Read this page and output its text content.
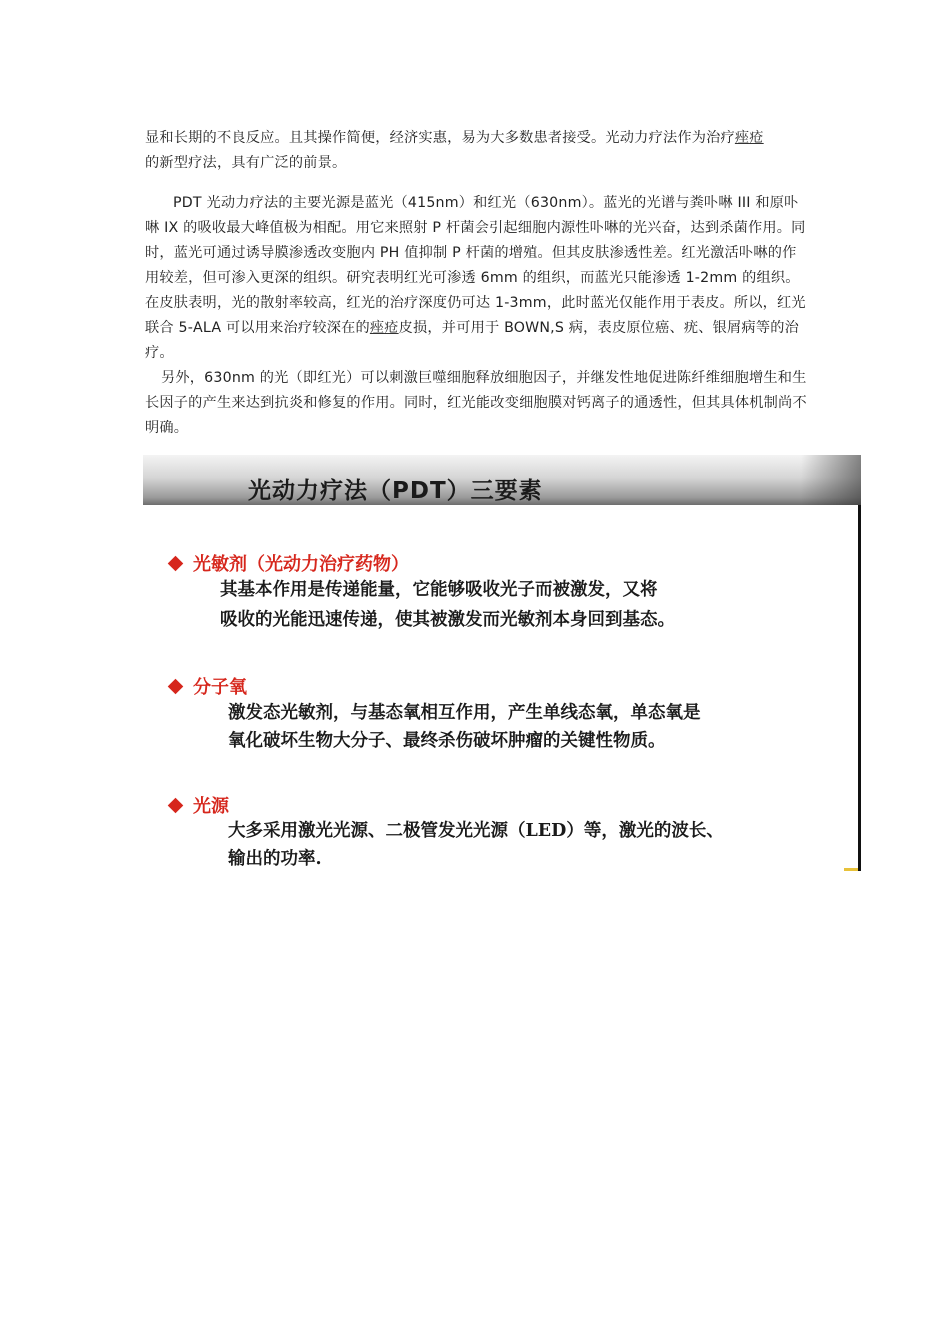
显和长期的不良反应。且其操作简便，经济实惠，易为大多数患者接受。光动力疗法作为治疗痤疮

的新型疗法，具有广泛的前景。

PDT 光动力疗法的主要光源是蓝光（415nm）和红光（630nm）。蓝光的光谱与粪卟啉 III 和原卟啉 IX 的吸收最大峰值极为相配。用它来照射 P 杆菌会引起细胞内源性卟啉的光兴奋，达到杀菌作用。同时，蓝光可通过诱导膜渗透改变胞内 PH 值抑制 P 杆菌的增殖。但其皮肤渗透性差。红光激活卟啉的作用较差，但可渗入更深的组织。研究表明红光可渗透 6mm 的组织，而蓝光只能渗透 1-2mm 的组织。在皮肤表明，光的散射率较高，红光的治疗深度仍可达 1-3mm，此时蓝光仅能作用于表皮。所以，红光联合 5-ALA 可以用来治疗较深在的痤疮皮损，并可用于 BOWN,S 病，表皮原位癌、疣、银屑病等的治疗。

另外，630nm 的光（即红光）可以刺激巨噬细胞释放细胞因子，并继发性地促进陈纤维细胞增生和生长因子的产生来达到抗炎和修复的作用。同时，红光能改变细胞膜对钙离子的通透性，但其具体机制尚不明确。

光动力疗法（PDT）三要素
光敏剂（光动力治疗药物）
其基本作用是传递能量，它能够吸收光子而被激发，又将
吸收的光能迅速传递，使其被激发而光敏剂本身回到基态。
分子氧
激发态光敏剂，与基态氧相互作用，产生单线态氧，单态氧是
氧化破坏生物大分子、最终杀伤破坏肿瘤的关键性物质。
光源
大多采用激光光源、二极管发光光源（LED）等，激光的波长、
输出的功率.
